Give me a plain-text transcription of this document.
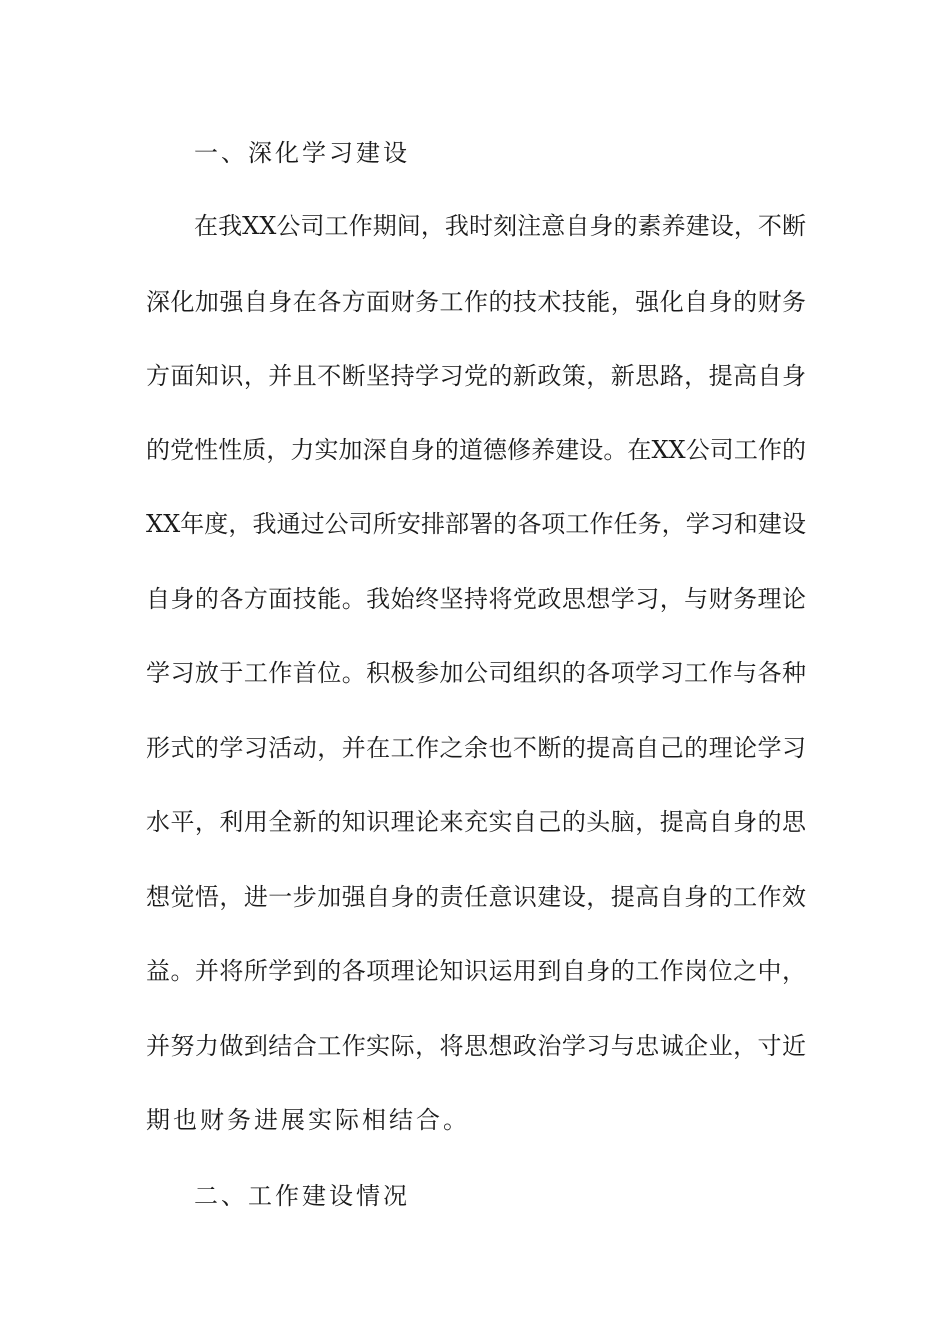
一、深化学习建设
在我XX公司工作期间，我时刻注意自身的素养建设，不断
深化加强自身在各方面财务工作的技术技能，强化自身的财务
方面知识，并且不断坚持学习党的新政策，新思路，提高自身
的党性性质，力实加深自身的道德修养建设。在XX公司工作的
XX年度，我通过公司所安排部署的各项工作任务，学习和建设
自身的各方面技能。我始终坚持将党政思想学习，与财务理论
学习放于工作首位。积极参加公司组织的各项学习工作与各种
形式的学习活动，并在工作之余也不断的提高自己的理论学习
水平，利用全新的知识理论来充实自己的头脑，提高自身的思
想觉悟，进一步加强自身的责任意识建设，提高自身的工作效
益。并将所学到的各项理论知识运用到自身的工作岗位之中，
并努力做到结合工作实际，将思想政治学习与忠诚企业，寸近
期也财务进展实际相结合。
二、工作建设情况
